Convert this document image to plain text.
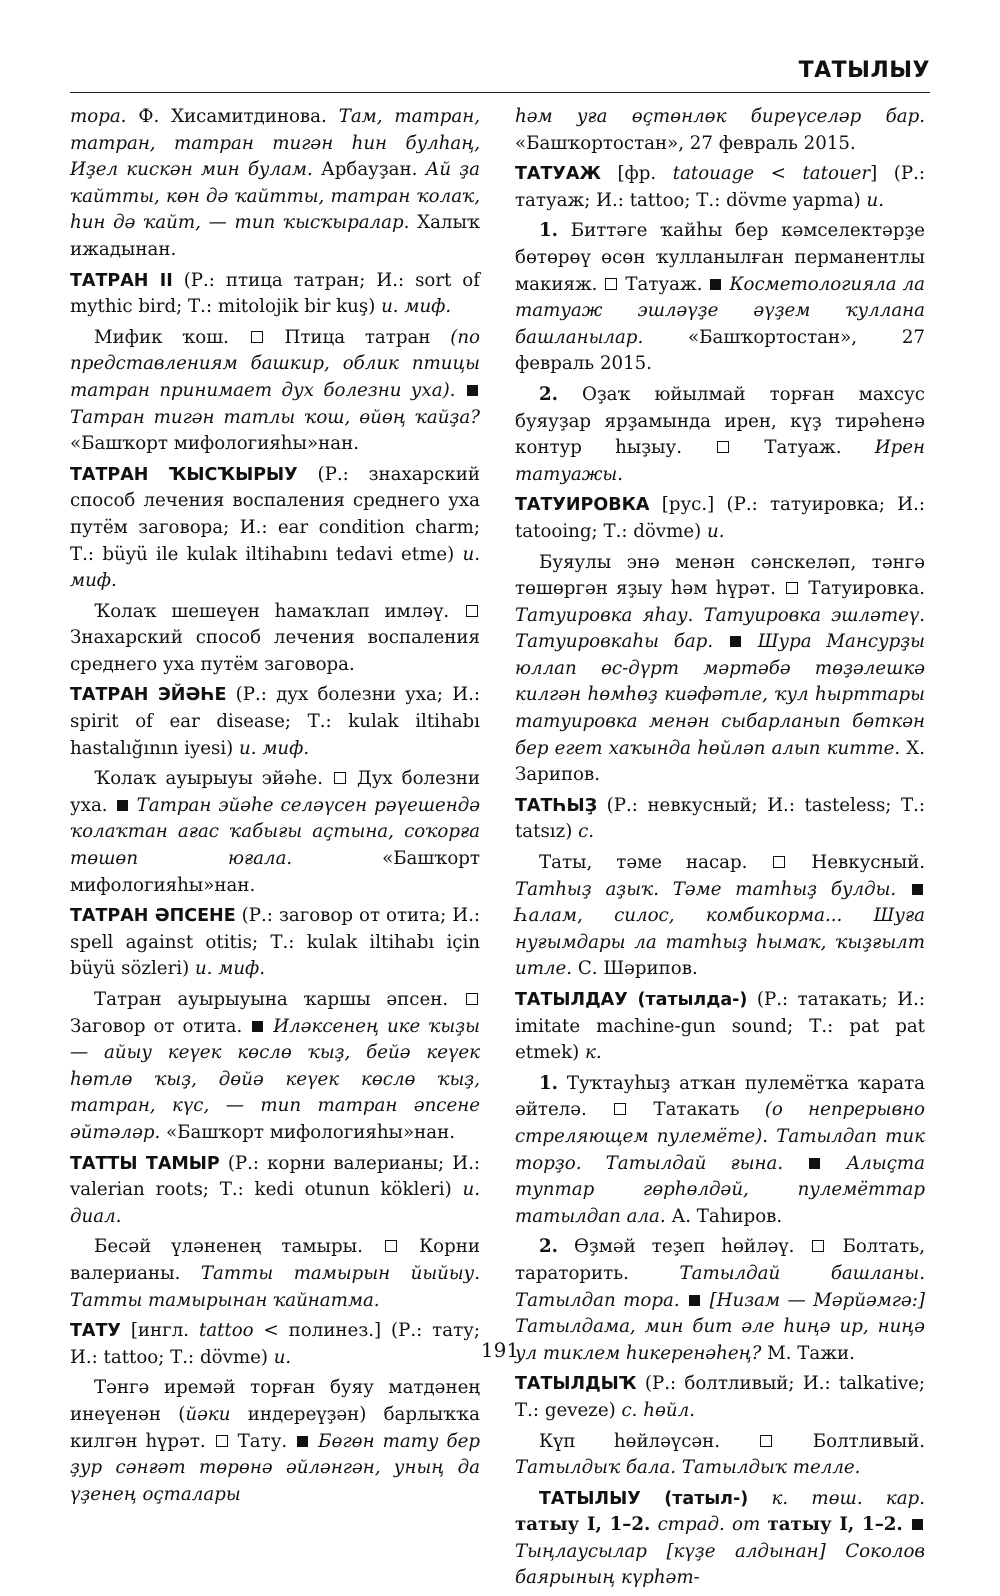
ТАТЫЛЫУ

тора. Ф. Хисамитдинова. Там, татран, татран, татран тигән һин булһаң, Иҙел кискән мин булам. Арбауҙан. Ай ҙа ҡайтты, көн дә ҡайтты, татран ҡолаҡ, һин дә ҡайт, — тип ҡысҡыралар. Халыҡ ижадынан.

ТАТРАН II (Р.: птица татран; И.: sort of mythic bird; Т.: mitolojik bir kuş) и. миф.

Мифик ҡош.  Птица татран (по представлениям башкир, облик птицы татран принимает дух болезни уха).  Татран тигән татлы ҡош, өйөң ҡайҙа? «Башҡорт мифологияһы»нан.

ТАТРАН ҠЫСҠЫРЫУ (Р.: знахарский способ лечения воспаления среднего уха путём заговора; И.: ear condition charm; Т.: büyü ile kulak iltihabını tedavi etme) и. миф.

Ҡолаҡ шешеүен һамаҡлап имләү.  Знахарский способ лечения воспаления среднего уха путём заговора.

ТАТРАН ЭЙӘҺЕ (Р.: дух болезни уха; И.: spirit of ear disease; Т.: kulak iltihabı hastalığının iyesi) и. миф.

Ҡолаҡ ауырыуы эйәһе.  Дух болезни уха.  Татран эйәһе селәүсен рәүешендә ҡолаҡтан ағас ҡабығы аҫтына, соҡорға төшөп юғала. «Башҡорт мифологияһы»нан.

ТАТРАН ӘПСЕНЕ (Р.: заговор от отита; И.: spell against otitis; Т.: kulak iltihabı için büyü sözleri) и. миф.

Татран ауырыуына ҡаршы әпсен.  Заговор от отита.  Иләксенең ике ҡыҙы — айыу кеүек көслө ҡыҙ, бейә кеүек һөтлө ҡыҙ, дөйә кеүек көслө ҡыҙ, татран, күс, — тип татран әпсене әйтәләр. «Башҡорт мифологияһы»нан.

ТАТТЫ ТАМЫР (Р.: корни валерианы; И.: valerian roots; Т.: kedi otunun kökleri) и. диал.

Бесәй үләненең тамыры.  Корни валерианы. Татты тамырын йыйыу. Татты тамырынан ҡайнатма.

ТАТУ [ингл. tattoo < полинез.] (Р.: тату; И.: tattoo; Т.: dövme) и.

Тәнгә иремәй торған буяу матдәнең инеүенән (йәки индереүҙән) барлыҡҡа килгән һүрәт.  Тату.  Бөгөн тату бер ҙур сәнғәт төрөнә әйләнгән, уның да үҙенең оҫталары

һәм уға өҫтөнлөк биреүселәр бар. «Башҡортостан», 27 февраль 2015.

ТАТУАЖ [фр. tatouage < tatouer] (Р.: татуаж; И.: tattoo; Т.: dövme yapma) и.

1. Биттәге ҡайһы бер кәмселектәрҙе бөтөрөү өсөн ҡулланылған перманентлы макияж.  Татуаж.  Косметологияла ла татуаж эшләүҙе әүҙем ҡуллана башланылар. «Башҡортостан», 27 февраль 2015.

2. Оҙаҡ юйылмай торған махсус буяуҙар ярҙамында ирен, күҙ тирәһенә контур һыҙыу.  Татуаж. Ирен татуажы.

ТАТУИРОВКА [рус.] (Р.: татуировка; И.: tatooing; Т.: dövme) и.

Буяулы энә менән сәнскеләп, тәнгә төшөргән яҙыу һәм һүрәт.  Татуировка. Татуировка яһау. Татуировка эшләтеү. Татуировкаһы бар. Шура Мансурҙы юллап өс-дүрт мәртәбә төҙәлешкә килгән һөмһөҙ киәфәтле, ҡул һырттары татуировка менән сыбарланып бөткән бер егет хаҡында һөйләп алып китте. Х. Зарипов.

ТАТҺЫҘ (Р.: невкусный; И.: tasteless; Т.: tatsız) с.

Таты, тәме насар.  Невкусный. Татһыҙ аҙыҡ. Тәме татһыҙ булды.  Һалам, силос, комбикорма... Шуға нуғымдары ла татһыҙ һымаҡ, ҡыҙғылт итле. С. Шәрипов.

ТАТЫЛДАУ (татылда-) (Р.: татакать; И.: imitate machine-gun sound; Т.: pat pat etmek) к.

1. Туҡтауһыҙ атҡан пулемётҡа ҡарата әйтелә.  Татакать (о непрерывно стреляющем пулемёте). Татылдап тик торҙо. Татылдай ғына.	Алыҫта туптар гөрһөлдәй, пулемёттар татылдап ала. А. Таһиров.

2. Өҙмәй теҙеп һөйләү.  Болтать, тараторить. Татылдай башланы. Татылдап тора. [Низам — Мәрйәмгә:] Татылдама, мин бит әле һиңә ир, ниңә ул тиклем һикеренәһең? М. Тажи.

ТАТЫЛДЫҠ (Р.: болтливый; И.: talkative; Т.: geveze) с. һөйл.

Күп һөйләүсән.  Болтливый. Татылдыҡ бала. Татылдыҡ телле.

ТАТЫЛЫУ (татыл-) к. төш. кар. татыу I, 1–2. страд. от татыу I, 1–2.  Тыңлаусылар [күҙе алдынан] Соколов баярының күрһәт-

191
